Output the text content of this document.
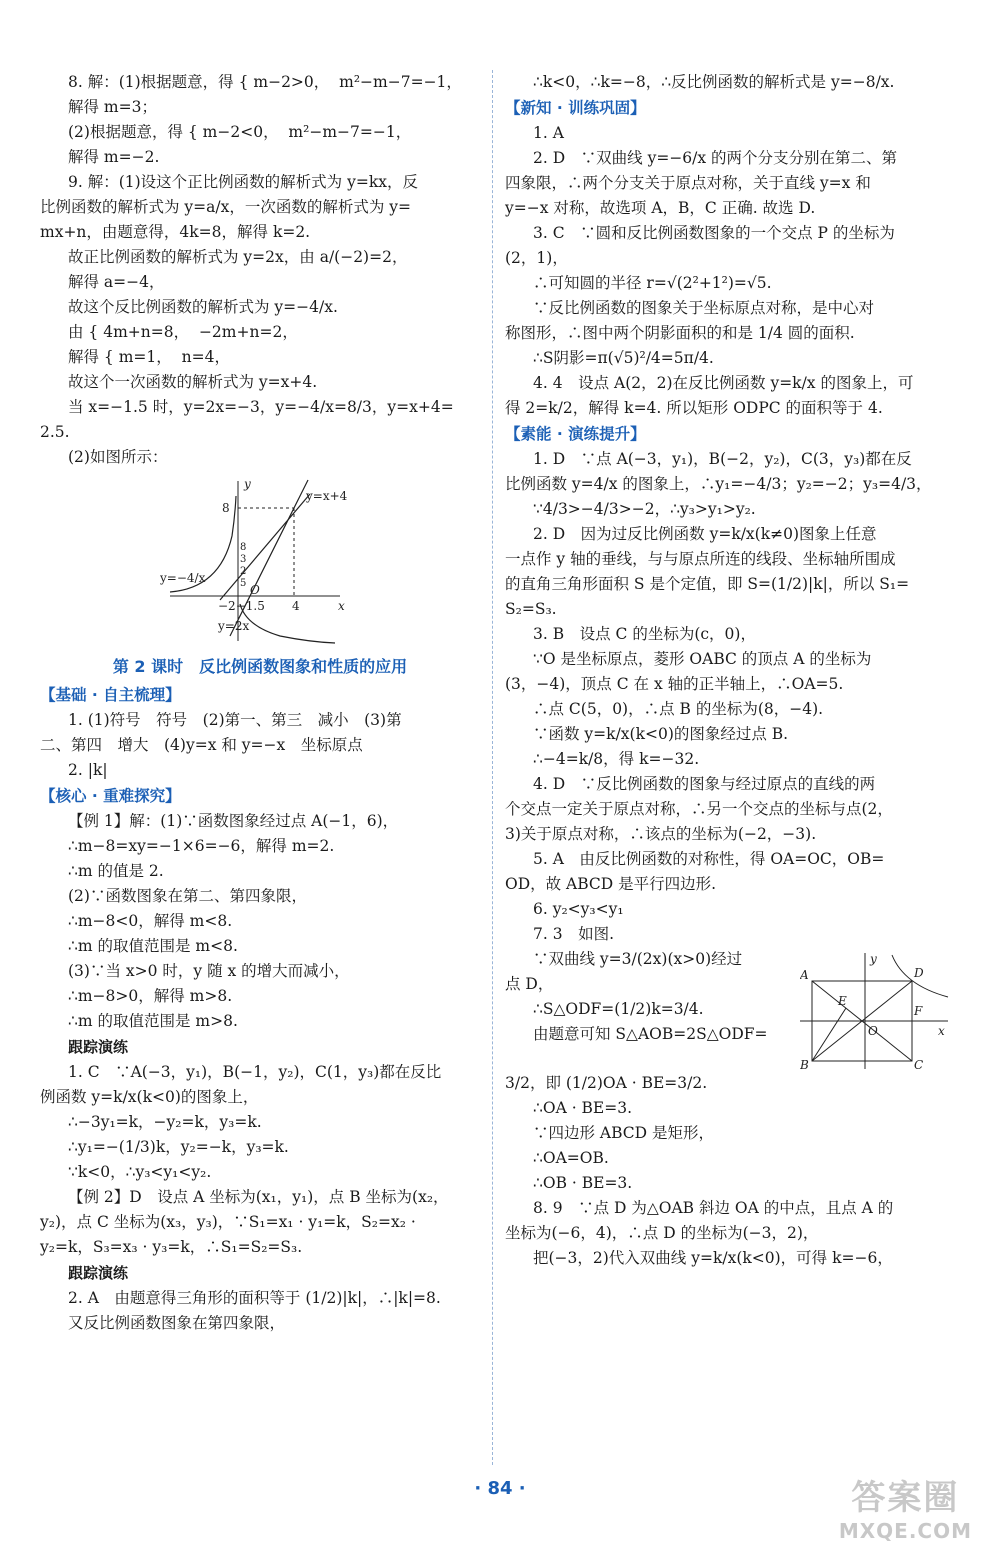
8. 解：(1)根据题意，得 { m−2>0，  m²−m−7=−1，

解得 m=3；

(2)根据题意，得 { m−2<0，  m²−m−7=−1，

解得 m=−2.

9. 解：(1)设这个正比例函数的解析式为 y=kx，反

比例函数的解析式为 y=a/x，一次函数的解析式为 y=

mx+n，由题意得，4k=8，解得 k=2.

故正比例函数的解析式为 y=2x，由 a/(−2)=2，

解得 a=−4，

故这个反比例函数的解析式为 y=−4/x.

由 { 4m+n=8，  −2m+n=2，

解得 { m=1，  n=4，

故这个一次函数的解析式为 y=x+4.

当 x=−1.5 时，y=2x=−3，y=−4/x=8/3，y=x+4=

2.5.

(2)如图所示：

y
x
8
y=x+4
y=−4/x
O
−2−1.5 4
y=2x
8
3
2
5
第 2 课时　反比例函数图象和性质的应用
【基础 · 自主梳理】

1. (1)符号　符号　(2)第一、第三　减小　(3)第

二、第四　增大　(4)y=x 和 y=−x　坐标原点

2. |k|

【核心 · 重难探究】

【例 1】解：(1)∵函数图象经过点 A(−1，6)，

∴m−8=xy=−1×6=−6，解得 m=2.

∴m 的值是 2.

(2)∵函数图象在第二、第四象限，

∴m−8<0，解得 m<8.

∴m 的取值范围是 m<8.

(3)∵当 x>0 时，y 随 x 的增大而减小，

∴m−8>0，解得 m>8.

∴m 的取值范围是 m>8.

跟踪演练

1. C　∵A(−3，y₁)，B(−1，y₂)，C(1，y₃)都在反比

例函数 y=k/x(k<0)的图象上，

∴−3y₁=k，−y₂=k，y₃=k.

∴y₁=−(1/3)k，y₂=−k，y₃=k.

∵k<0，∴y₃<y₁<y₂.

【例 2】D　设点 A 坐标为(x₁，y₁)，点 B 坐标为(x₂，

y₂)，点 C 坐标为(x₃，y₃)，∵S₁=x₁ · y₁=k，S₂=x₂ ·

y₂=k，S₃=x₃ · y₃=k，∴S₁=S₂=S₃.

跟踪演练

2. A　由题意得三角形的面积等于 (1/2)|k|，∴|k|=8.

又反比例函数图象在第四象限，

∴k<0，∴k=−8，∴反比例函数的解析式是 y=−8/x.

【新知 · 训练巩固】

1. A

2. D　∵双曲线 y=−6/x 的两个分支分别在第二、第

四象限，∴两个分支关于原点对称，关于直线 y=x 和

y=−x 对称，故选项 A，B，C 正确. 故选 D.

3. C　∵圆和反比例函数图象的一个交点 P 的坐标为

(2，1)，

∴可知圆的半径 r=√(2²+1²)=√5.

∵反比例函数的图象关于坐标原点对称，是中心对

称图形，∴图中两个阴影面积的和是 1/4 圆的面积.

∴S阴影=π(√5)²/4=5π/4.

4. 4　设点 A(2，2)在反比例函数 y=k/x 的图象上，可

得 2=k/2，解得 k=4. 所以矩形 ODPC 的面积等于 4.

【素能 · 演练提升】

1. D　∵点 A(−3，y₁)，B(−2，y₂)，C(3，y₃)都在反

比例函数 y=4/x 的图象上，∴y₁=−4/3；y₂=−2；y₃=4/3，

∵4/3>−4/3>−2，∴y₃>y₁>y₂.

2. D　因为过反比例函数 y=k/x(k≠0)图象上任意

一点作 y 轴的垂线，与与原点所连的线段、坐标轴所围成

的直角三角形面积 S 是个定值，即 S=(1/2)|k|，所以 S₁=

S₂=S₃.

3. B　设点 C 的坐标为(c，0)，

∵O 是坐标原点，菱形 OABC 的顶点 A 的坐标为

(3，−4)，顶点 C 在 x 轴的正半轴上，∴OA=5.

∴点 C(5，0)，∴点 B 的坐标为(8，−4).

∵函数 y=k/x(k<0)的图象经过点 B.

∴−4=k/8，得 k=−32.

4. D　∵反比例函数的图象与经过原点的直线的两

个交点一定关于原点对称，∴另一个交点的坐标与点(2，

3)关于原点对称，∴该点的坐标为(−2，−3).

5. A　由反比例函数的对称性，得 OA=OC，OB=

OD，故 ABCD 是平行四边形.

6. y₂<y₃<y₁

7. 3　如图.

y
x
A	D
E
F
O
B	C

∵双曲线 y=3/(2x)(x>0)经过

点 D，

∴S△ODF=(1/2)k=3/4.

由题意可知 S△AOB=2S△ODF=

3/2，即 (1/2)OA · BE=3/2.

∴OA · BE=3.

∵四边形 ABCD 是矩形，

∴OA=OB.

∴OB · BE=3.

8. 9　∵点 D 为△OAB 斜边 OA 的中点，且点 A 的

坐标为(−6，4)，∴点 D 的坐标为(−3，2)，

把(−3，2)代入双曲线 y=k/x(k<0)，可得 k=−6，

· 84 ·	答案圈
MXQE.COM
